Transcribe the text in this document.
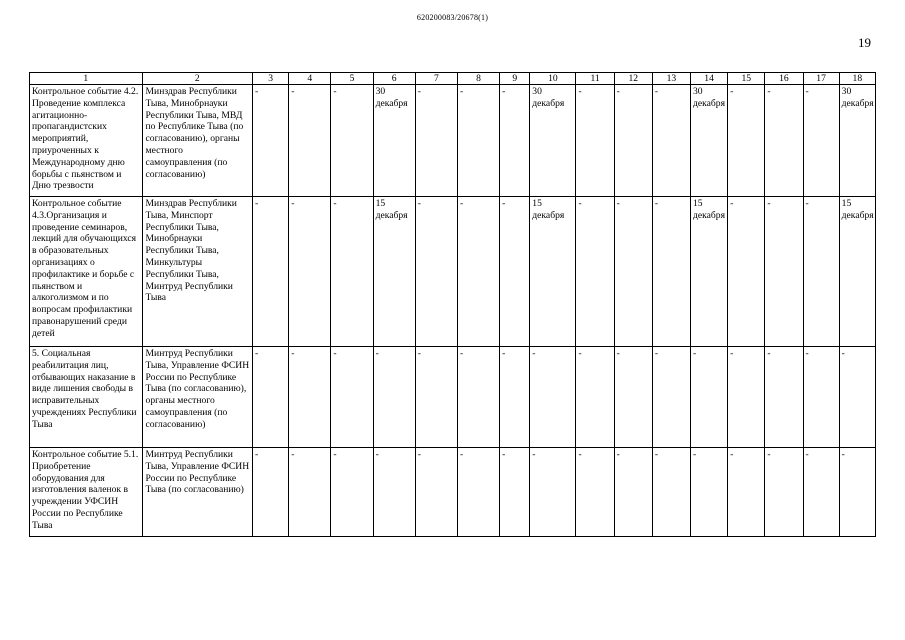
620200083/20678(1)
19
1	2	3	4	5	6	7	8	9	10	11	12	13	14	15	16	17	18
Контрольное событие 4.2. Проведение комплекса агитационно-пропагандистских мероприятий, приуроченных к Международному дню борьбы с пьянством и Дню трезвости	Минздрав Республики Тыва, Минобрнауки Республики Тыва, МВД по Республике Тыва (по согласованию), органы местного самоуправления (по согласованию)	-	-	-	30 декабря	-	-	-	30 декабря	-	-	-	30 декабря	-	-	-	30 декабря
Контрольное событие 4.3.Организация и проведение семинаров, лекций для обучающихся в образовательных организациях о профилактике и борьбе с пьянством и алкоголизмом и по вопросам профилактики правонарушений среди детей	Минздрав Республики Тыва, Минспорт Республики Тыва, Минобрнауки Республики Тыва, Минкультуры Республики Тыва, Минтруд Республики Тыва	-	-	-	15 декабря	-	-	-	15 декабря	-	-	-	15 декабря	-	-	-	15 декабря
5. Социальная реабилитация лиц, отбывающих наказание в виде лишения свободы в исправительных учреждениях Республики Тыва	Минтруд Республики Тыва, Управление ФСИН России по Республике Тыва (по согласованию), органы местного самоуправления (по согласованию)	-	-	-	-	-	-	-	-	-	-	-	-	-	-	-	-
Контрольное событие 5.1. Приобретение оборудования для изготовления валенок в учреждении УФСИН России по Республике Тыва	Минтруд Республики Тыва, Управление ФСИН России по Республике Тыва (по согласованию)	-	-	-	-	-	-	-	-	-	-	-	-	-	-	-	-
